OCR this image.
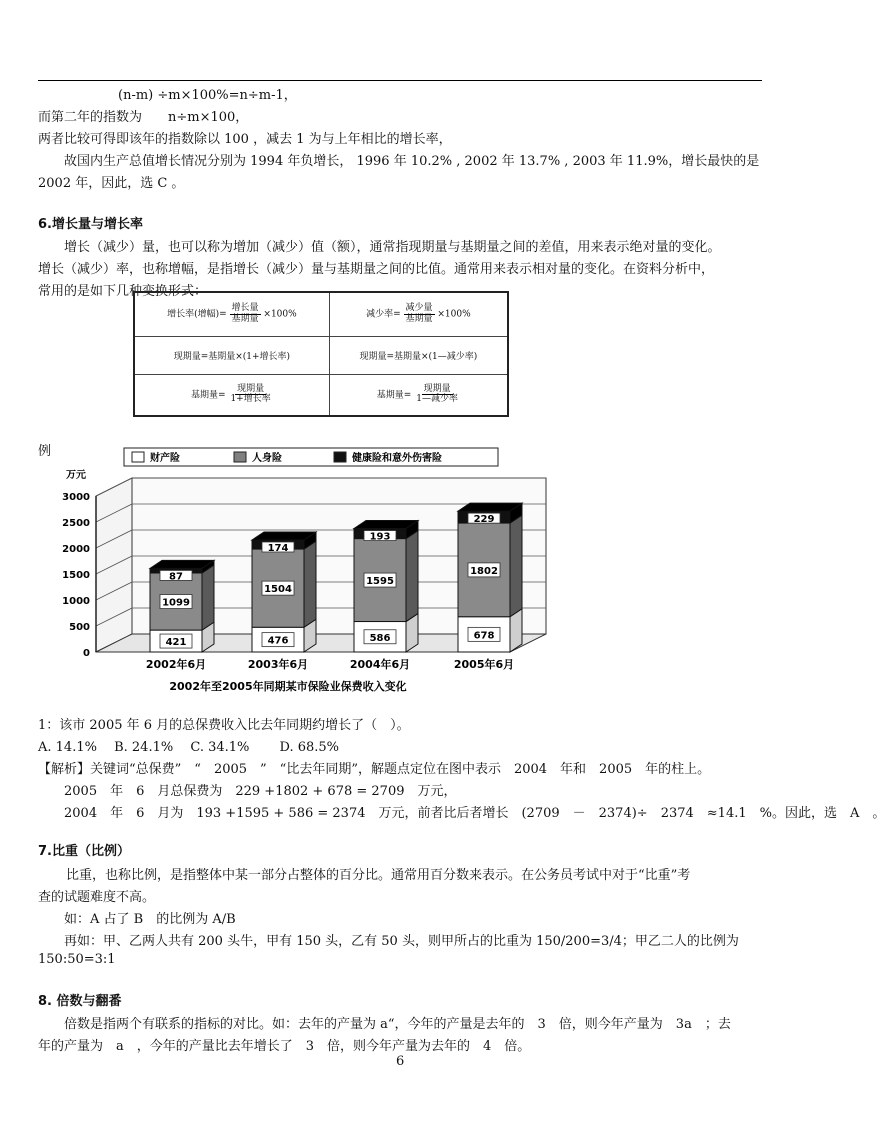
(n-m) ÷m×100%=n÷m-1，
而第二年的指数为　　n÷m×100，
两者比较可得即该年的指数除以 100 ，减去 1 为与上年相比的增长率，
故国内生产总值增长情况分别为 1994 年负增长， 1996 年 10.2% , 2002 年 13.7% , 2003 年 11.9%，增长最快的是
2002 年，因此，选 C 。
6.增长量与增长率
增长（减少）量，也可以称为增加（减少）值（额），通常指现期量与基期量之间的差值，用来表示绝对量的变化。
增长（减少）率，也称增幅，是指增长（减少）量与基期量之间的比值。通常用来表示相对量的变化。在资料分析中，
常用的是如下几种变换形式：
增长率(增幅)= $\frac{\text{增长量}}{\text{基期量}} \times 100\%$	减少率= $\frac{\text{减少量}}{\text{基期量}} \times 100\%$
现期量=基期量×(1+增长率)	现期量=基期量×(1—减少率)
基期量= $\frac{\text{现期量}}{\text{1+增长率}}$	基期量= $\frac{\text{现期量}}{\text{1—减少率}}$
例	财产险	人身险	健康险和意外伤害险
万元
0
500
1000
1500
2000
2500
3000
421
1099
87
2002年6月
476
1504
174
2003年6月
586
1595
193
2004年6月
678
1802
229
2005年6月
2002年至2005年同期某市保险业保费收入变化
1：该市 2005 年 6 月的总保费收入比去年同期约增长了（　）。
A. 14.1%　 B. 24.1%　 C. 34.1%　　 D. 68.5%
【解析】关键词“总保费”　“　2005　”　“比去年同期”，解题点定位在图中表示　2004　年和　2005　年的柱上。
2005　年　6　月总保费为　229 +1802 + 678 = 2709　万元，
2004　年　6　月为　193 +1595 + 586 = 2374　万元，前者比后者增长　(2709　－　2374)÷　2374　≈14.1　%。因此，选　A　。
7.比重（比例）
比重，也称比例，是指整体中某一部分占整体的百分比。通常用百分数来表示。在公务员考试中对于“比重”考
查的试题难度不高。
如：A 占了 B　的比例为 A/B
再如：甲、乙两人共有 200 头牛，甲有 150 头，乙有 50 头，则甲所占的比重为 150/200=3/4；甲乙二人的比例为
150:50=3:1
8. 倍数与翻番
倍数是指两个有联系的指标的对比。如：去年的产量为 a“，今年的产量是去年的　3　倍，则今年产量为　3a　；去
年的产量为　a　，今年的产量比去年增长了　3　倍，则今年产量为去年的　4　倍。
6
